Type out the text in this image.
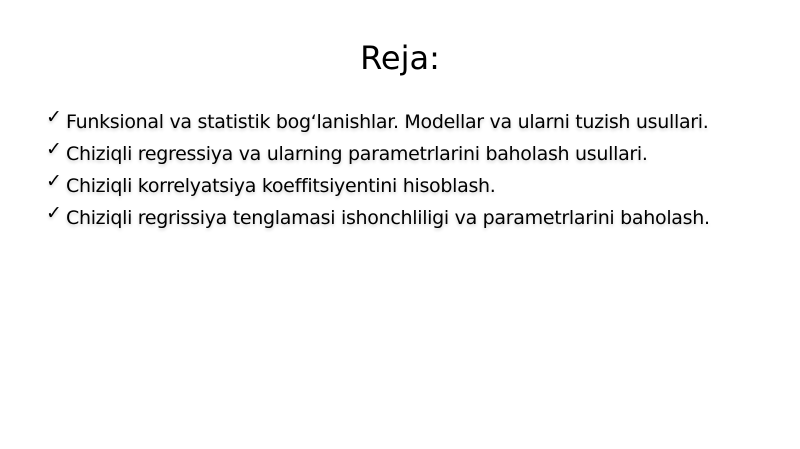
Reja:
✓ Funksional va statistik bog‘lanishlar. Modellar va ularni tuzish usullari.
✓ Chiziqli regressiya va ularning parametrlarini baholash usullari.
✓ Chiziqli korrelyatsiya koeffitsiyentini hisoblash.
✓ Chiziqli regrissiya tenglamasi ishonchliligi va parametrlarini baholash.
